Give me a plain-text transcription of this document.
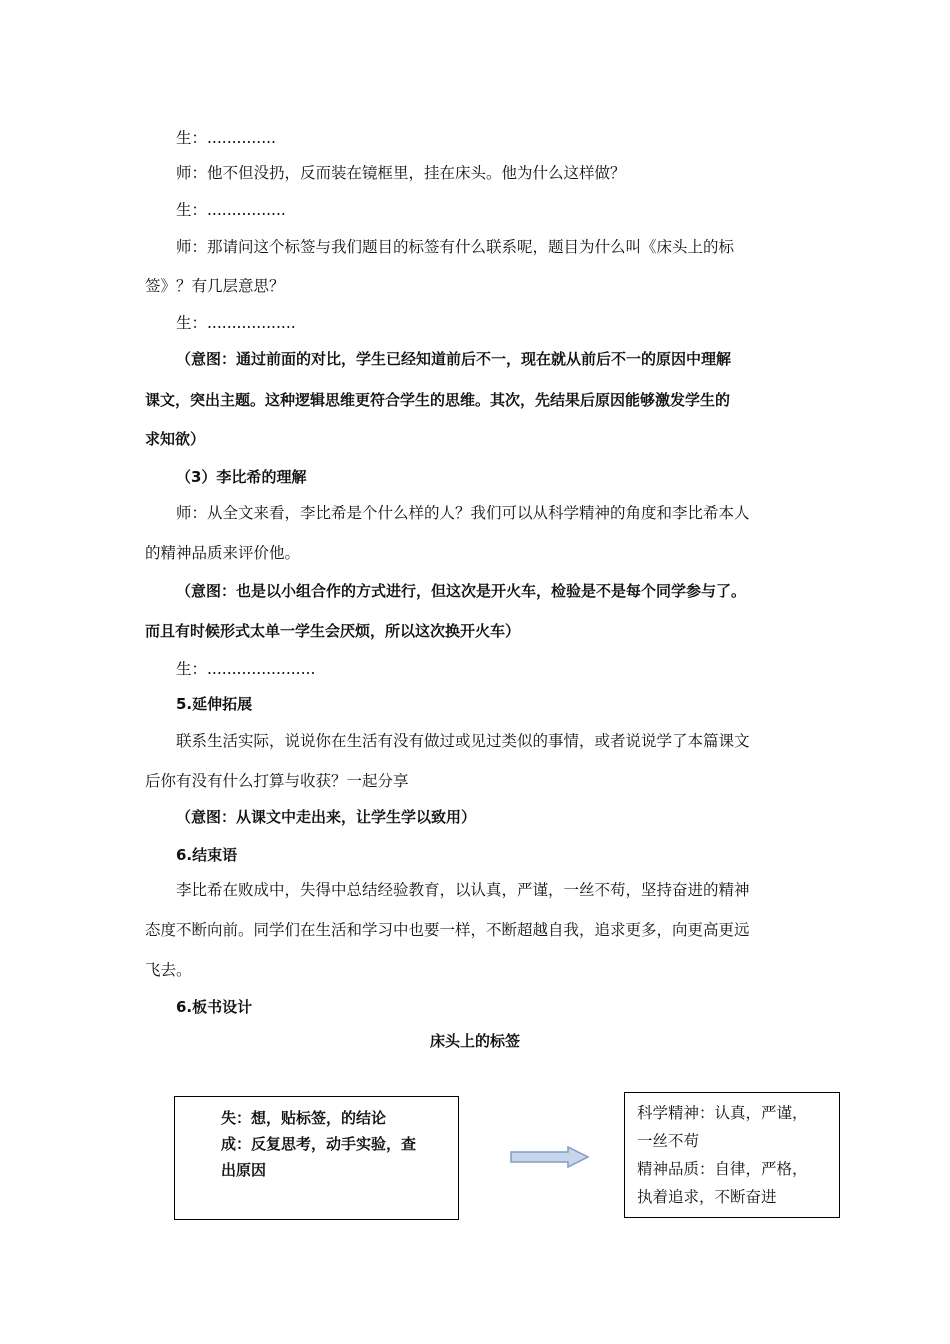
生：..............
师：他不但没扔，反而装在镜框里，挂在床头。他为什么这样做？
生：................
师：那请问这个标签与我们题目的标签有什么联系呢，题目为什么叫《床头上的标
签》？有几层意思？
生：..................
（意图：通过前面的对比，学生已经知道前后不一，现在就从前后不一的原因中理解
课文，突出主题。这种逻辑思维更符合学生的思维。其次，先结果后原因能够激发学生的
求知欲）
（3）李比希的理解
师：从全文来看，李比希是个什么样的人？我们可以从科学精神的角度和李比希本人
的精神品质来评价他。
（意图：也是以小组合作的方式进行，但这次是开火车，检验是不是每个同学参与了。
而且有时候形式太单一学生会厌烦，所以这次换开火车）
生：......................
5.延伸拓展
联系生活实际，说说你在生活有没有做过或见过类似的事情，或者说说学了本篇课文
后你有没有什么打算与收获？一起分享
（意图：从课文中走出来，让学生学以致用）
6.结束语
李比希在败成中，失得中总结经验教育，以认真，严谨，一丝不苟，坚持奋进的精神
态度不断向前。同学们在生活和学习中也要一样，不断超越自我，追求更多，向更高更远
飞去。
6.板书设计
床头上的标签
失：想，贴标签，的结论
成：反复思考，动手实验，查
出原因
科学精神：认真，严谨，
一丝不苟
精神品质：自律，严格，
执着追求，不断奋进
